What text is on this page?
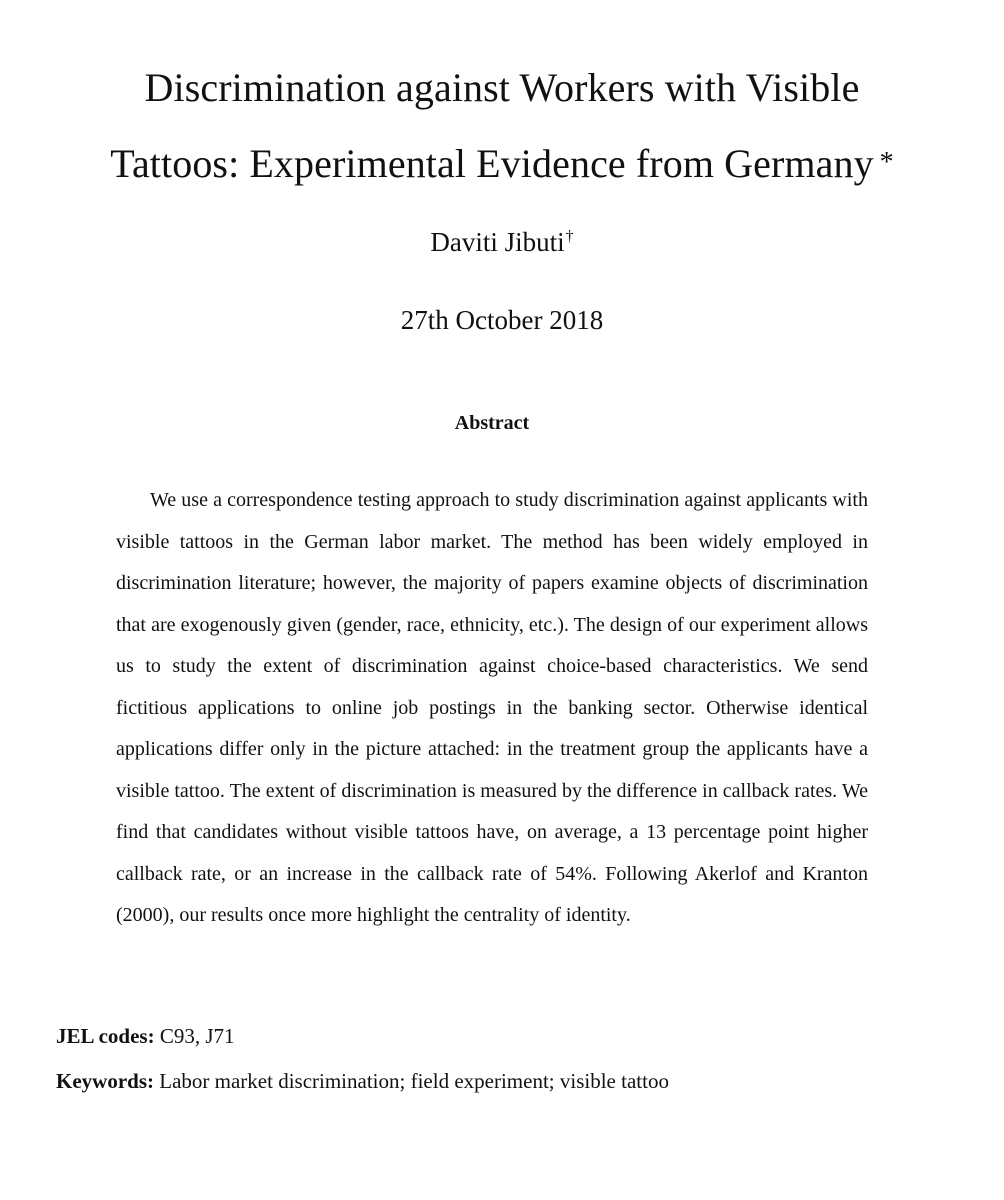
Discrimination against Workers with Visible
Tattoos: Experimental Evidence from Germany *
Daviti Jibuti†
27th October 2018
Abstract

We use a correspondence testing approach to study discrimination against applicants with visible tattoos in the German labor market. The method has been widely employed in discrimination literature; however, the majority of papers examine objects of discrimination that are exogenously given (gender, race, ethnicity, etc.). The design of our experiment allows us to study the extent of discrimination against choice-based characteristics. We send fictitious applications to online job postings in the banking sector. Otherwise identical applications differ only in the picture attached: in the treatment group the applicants have a visible tattoo. The extent of discrimination is measured by the difference in callback rates. We find that candidates without visible tattoos have, on average, a 13 percentage point higher callback rate, or an increase in the callback rate of 54%. Following Akerlof and Kranton (2000), our results once more highlight the centrality of identity.

JEL codes: C93, J71
Keywords: Labor market discrimination; field experiment; visible tattoo
